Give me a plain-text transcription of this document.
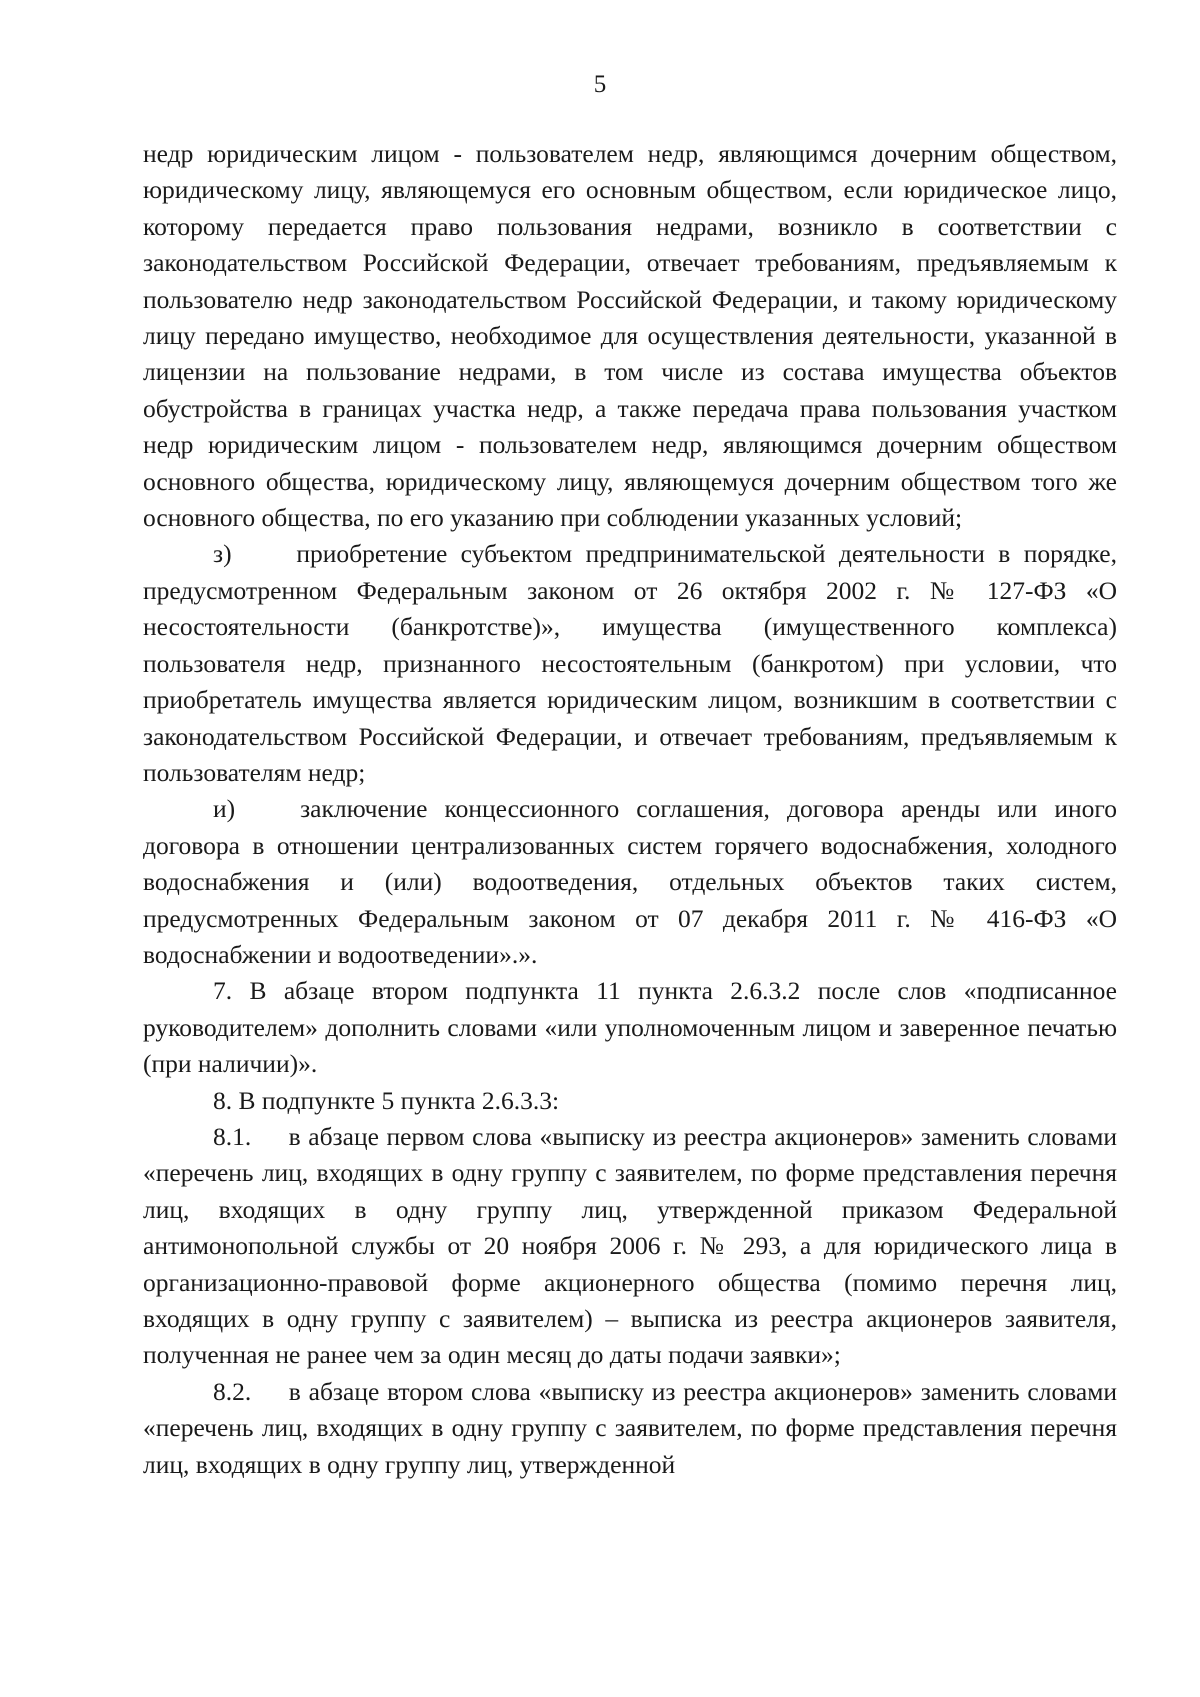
5

недр юридическим лицом - пользователем недр, являющимся дочерним обществом, юридическому лицу, являющемуся его основным обществом, если юридическое лицо, которому передается право пользования недрами, возникло в соответствии с законодательством Российской Федерации, отвечает требованиям, предъявляемым к пользователю недр законодательством Российской Федерации, и такому юридическому лицу передано имущество, необходимое для осуществления деятельности, указанной в лицензии на пользование недрами, в том числе из состава имущества объектов обустройства в границах участка недр, а также передача права пользования участком недр юридическим лицом - пользователем недр, являющимся дочерним обществом основного общества, юридическому лицу, являющемуся дочерним обществом того же основного общества, по его указанию при соблюдении указанных условий;

з)	приобретение субъектом предпринимательской деятельности в порядке, предусмотренном Федеральным законом от 26 октября 2002 г. № 127-ФЗ «О несостоятельности (банкротстве)», имущества (имущественного комплекса) пользователя недр, признанного несостоятельным (банкротом) при условии, что приобретатель имущества является юридическим лицом, возникшим в соответствии с законодательством Российской Федерации, и отвечает требованиям, предъявляемым к пользователям недр;

и)	заключение концессионного соглашения, договора аренды или иного договора в отношении централизованных систем горячего водоснабжения, холодного водоснабжения и (или) водоотведения, отдельных объектов таких систем, предусмотренных Федеральным законом от 07 декабря 2011 г. № 416-ФЗ «О водоснабжении и водоотведении».».

7. В абзаце втором подпункта 11 пункта 2.6.3.2 после слов «подписанное руководителем» дополнить словами «или уполномоченным лицом и заверенное печатью (при наличии)».

8. В подпункте 5 пункта 2.6.3.3:

8.1. в абзаце первом слова «выписку из реестра акционеров» заменить словами «перечень лиц, входящих в одну группу с заявителем, по форме представления перечня лиц, входящих в одну группу лиц, утвержденной приказом Федеральной антимонопольной службы от 20 ноября 2006 г. № 293, а для юридического лица в организационно-правовой форме акционерного общества (помимо перечня лиц, входящих в одну группу с заявителем) – выписка из реестра акционеров заявителя, полученная не ранее чем за один месяц до даты подачи заявки»;

8.2. в абзаце втором слова «выписку из реестра акционеров» заменить словами «перечень лиц, входящих в одну группу с заявителем, по форме представления перечня лиц, входящих в одну группу лиц, утвержденной
